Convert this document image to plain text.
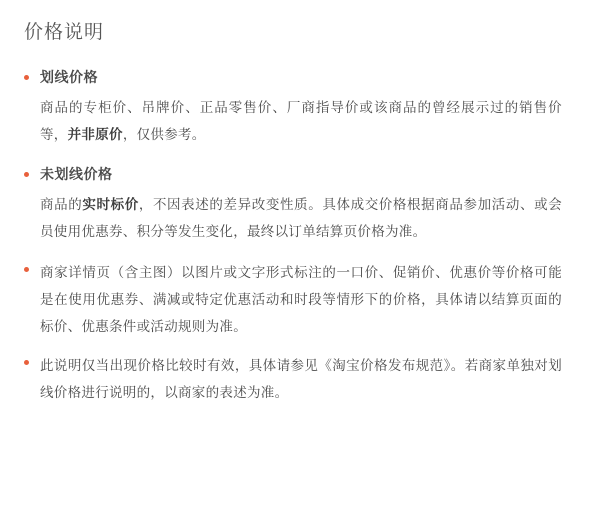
价格说明
划线价格
商品的专柜价、吊牌价、正品零售价、厂商指导价或该商品的曾经展示过的销售价等，并非原价，仅供参考。
未划线价格
商品的实时标价，不因表述的差异改变性质。具体成交价格根据商品参加活动、或会员使用优惠券、积分等发生变化，最终以订单结算页价格为准。
商家详情页（含主图）以图片或文字形式标注的一口价、促销价、优惠价等价格可能是在使用优惠券、满减或特定优惠活动和时段等情形下的价格，具体请以结算页面的标价、优惠条件或活动规则为准。
此说明仅当出现价格比较时有效，具体请参见《淘宝价格发布规范》。若商家单独对划线价格进行说明的，以商家的表述为准。
